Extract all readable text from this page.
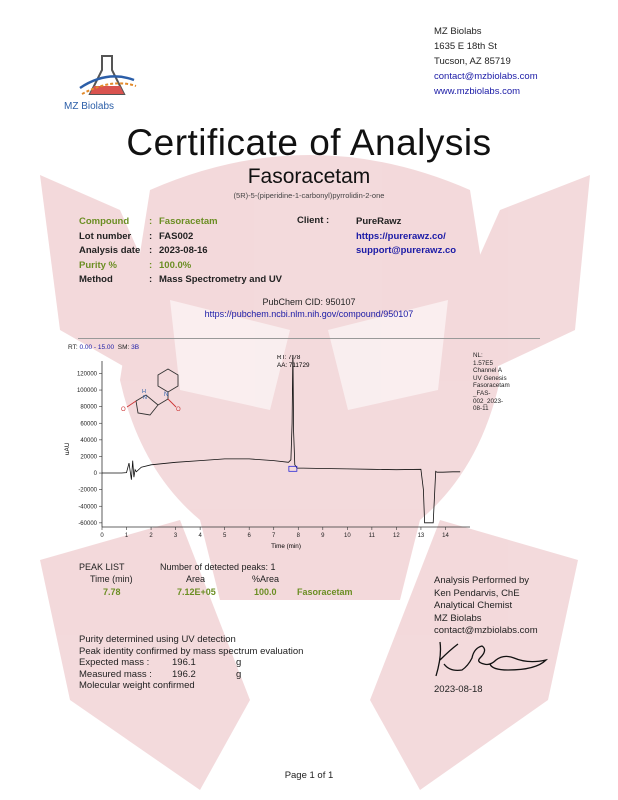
MZ Biolabs
MZ Biolabs
1635 E 18th St
Tucson, AZ 85719
contact@mzbiolabs.com
www.mzbiolabs.com
Certificate of Analysis
Fasoracetam
(5R)-5-(piperidine-1-carbonyl)pyrrolidin-2-one
Compound	: Fasoracetam
Lot number	: FAS002
Analysis date : 2023-08-16
Purity %	: 100.0%
Method	: Mass Spectrometry and UV
Client :	PureRawz
https://purerawz.co/
support@purerawz.co
PubChem CID: 950107
https://pubchem.ncbi.nlm.nih.gov/compound/950107
RT: 0.00 - 15.00 SM: 3B
NL:
1.57E5
Channel A
UV Genesis
Fasoracetam
_FAS-
002_2023-
08-11
120000
100000
80000
60000
40000
20000
0
-20000
-40000
-60000
0	1	2	3	4	5	6	7	8	9	10	11	12	13	14
N
H
N
O
O
RT: 7.78
AA: 711729
uAU
Time (min)
PEAK LIST	Number of detected peaks: 1
Time (min)	Area	%Area
7.78	7.12E+05	100.0 Fasoracetam
Analysis Performed by
Ken Pendarvis, ChE
Analytical Chemist
MZ Biolabs
contact@mzbiolabs.com
2023-08-18
Purity determined using UV detection
Peak identity confirmed by mass spectrum evaluation
Expected mass : 196.1	g
Measured mass : 196.2	g
Molecular weight confirmed
Page 1 of 1
